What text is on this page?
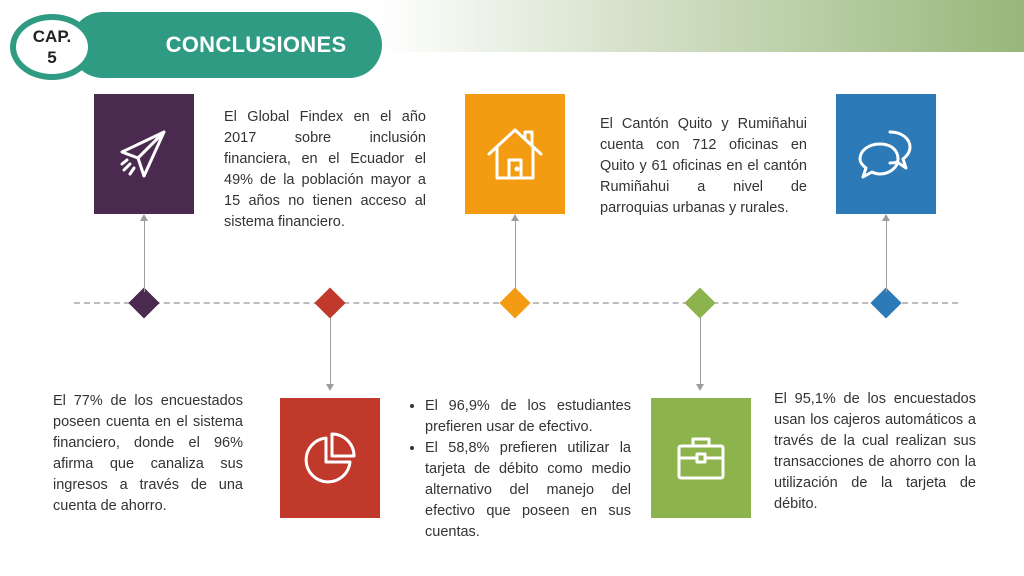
CONCLUSIONES
CAP.
5
El Global Findex en el año 2017 sobre inclusión financiera, en el Ecuador el 49% de la población mayor a 15 años no tienen acceso al sistema financiero.
El 77% de los encuestados poseen cuenta en el sistema financiero, donde el 96% afirma que canaliza sus ingresos a través de una cuenta de ahorro.
• El 96,9% de los estudiantes prefieren usar de efectivo.
• El 58,8% prefieren utilizar la tarjeta de débito como medio alternativo del manejo del efectivo que poseen en sus cuentas.
El Cantón Quito y Rumiñahui cuenta con 712 oficinas en Quito y 61 oficinas en el cantón Rumiñahui a nivel de parroquias urbanas y rurales.
El 95,1% de los encuestados usan los cajeros automáticos a través de la cual realizan sus transacciones de ahorro con la utilización de la tarjeta de débito.
